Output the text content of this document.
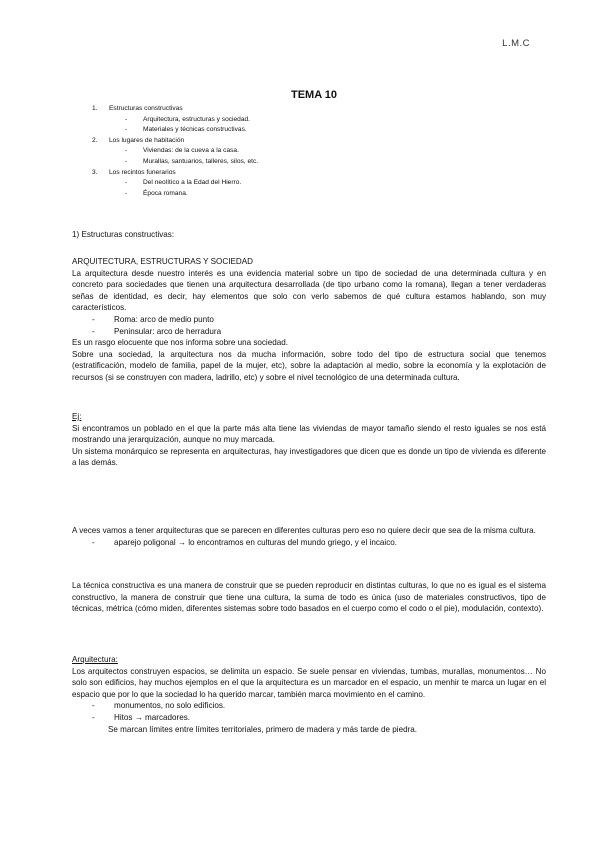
L.M.C
TEMA 10
1.	Estructuras constructivas
-	Arquitectura, estructuras y sociedad.
-	Materiales y técnicas constructivas.
2.	Los lugares de habitación
-	Viviendas: de la cueva a la casa.
-	Murallas, santuarios, talleres, silos, etc.
3.	Los recintos funerarios
-	Del neolítico a la Edad del Hierro.
-	Época romana.

1) Estructuras constructivas:

ARQUITECTURA, ESTRUCTURAS Y SOCIEDAD

La arquitectura desde nuestro interés es una evidencia material sobre un tipo de sociedad de una determinada cultura y en concreto para sociedades que tienen una arquitectura desarrollada (de tipo urbano como la romana), llegan a tener verdaderas señas de identidad, es decir, hay elementos que solo con verlo sabemos de qué cultura estamos hablando, son muy característicos.

-	Roma: arco de medio punto
-	Peninsular: arco de herradura

Es un rasgo elocuente que nos informa sobre una sociedad.

Sobre una sociedad, la arquitectura nos da mucha información, sobre todo del tipo de estructura social que tenemos (estratificación, modelo de familia, papel de la mujer, etc), sobre la adaptación al medio, sobre la economía y la explotación de recursos (si se construyen con madera, ladrillo, etc) y sobre el nivel tecnológico de una determinada cultura.

Ej:

Si encontramos un poblado en el que la parte más alta tiene las viviendas de mayor tamaño siendo el resto iguales se nos está mostrando una jerarquización, aunque no muy marcada.

Un sistema monárquico se representa en arquitecturas, hay investigadores que dicen que es donde un tipo de vivienda es diferente a las demás.

A veces vamos a tener arquitecturas que se parecen en diferentes culturas pero eso no quiere decir que sea de la misma cultura.

-	aparejo poligonal → lo encontramos en culturas del mundo griego, y el incaico.

La técnica constructiva es una manera de construir que se pueden reproducir en distintas culturas, lo que no es igual es el sistema constructivo, la manera de construir que tiene una cultura, la suma de todo es única (uso de materiales constructivos, tipo de técnicas, métrica (cómo miden, diferentes sistemas sobre todo basados en el cuerpo como el codo o el pie), modulación, contexto).

Arquitectura:

Los arquitectos construyen espacios, se delimita un espacio. Se suele pensar en viviendas, tumbas, murallas, monumentos… No solo son edificios, hay muchos ejemplos en el que la arquitectura es un marcador en el espacio, un menhir te marca un lugar en el espacio que por lo que la sociedad lo ha querido marcar, también marca movimiento en el camino.

-	monumentos, no solo edificios.
-	Hitos → marcadores.

Se marcan límites entre límites territoriales, primero de madera y más tarde de piedra.
